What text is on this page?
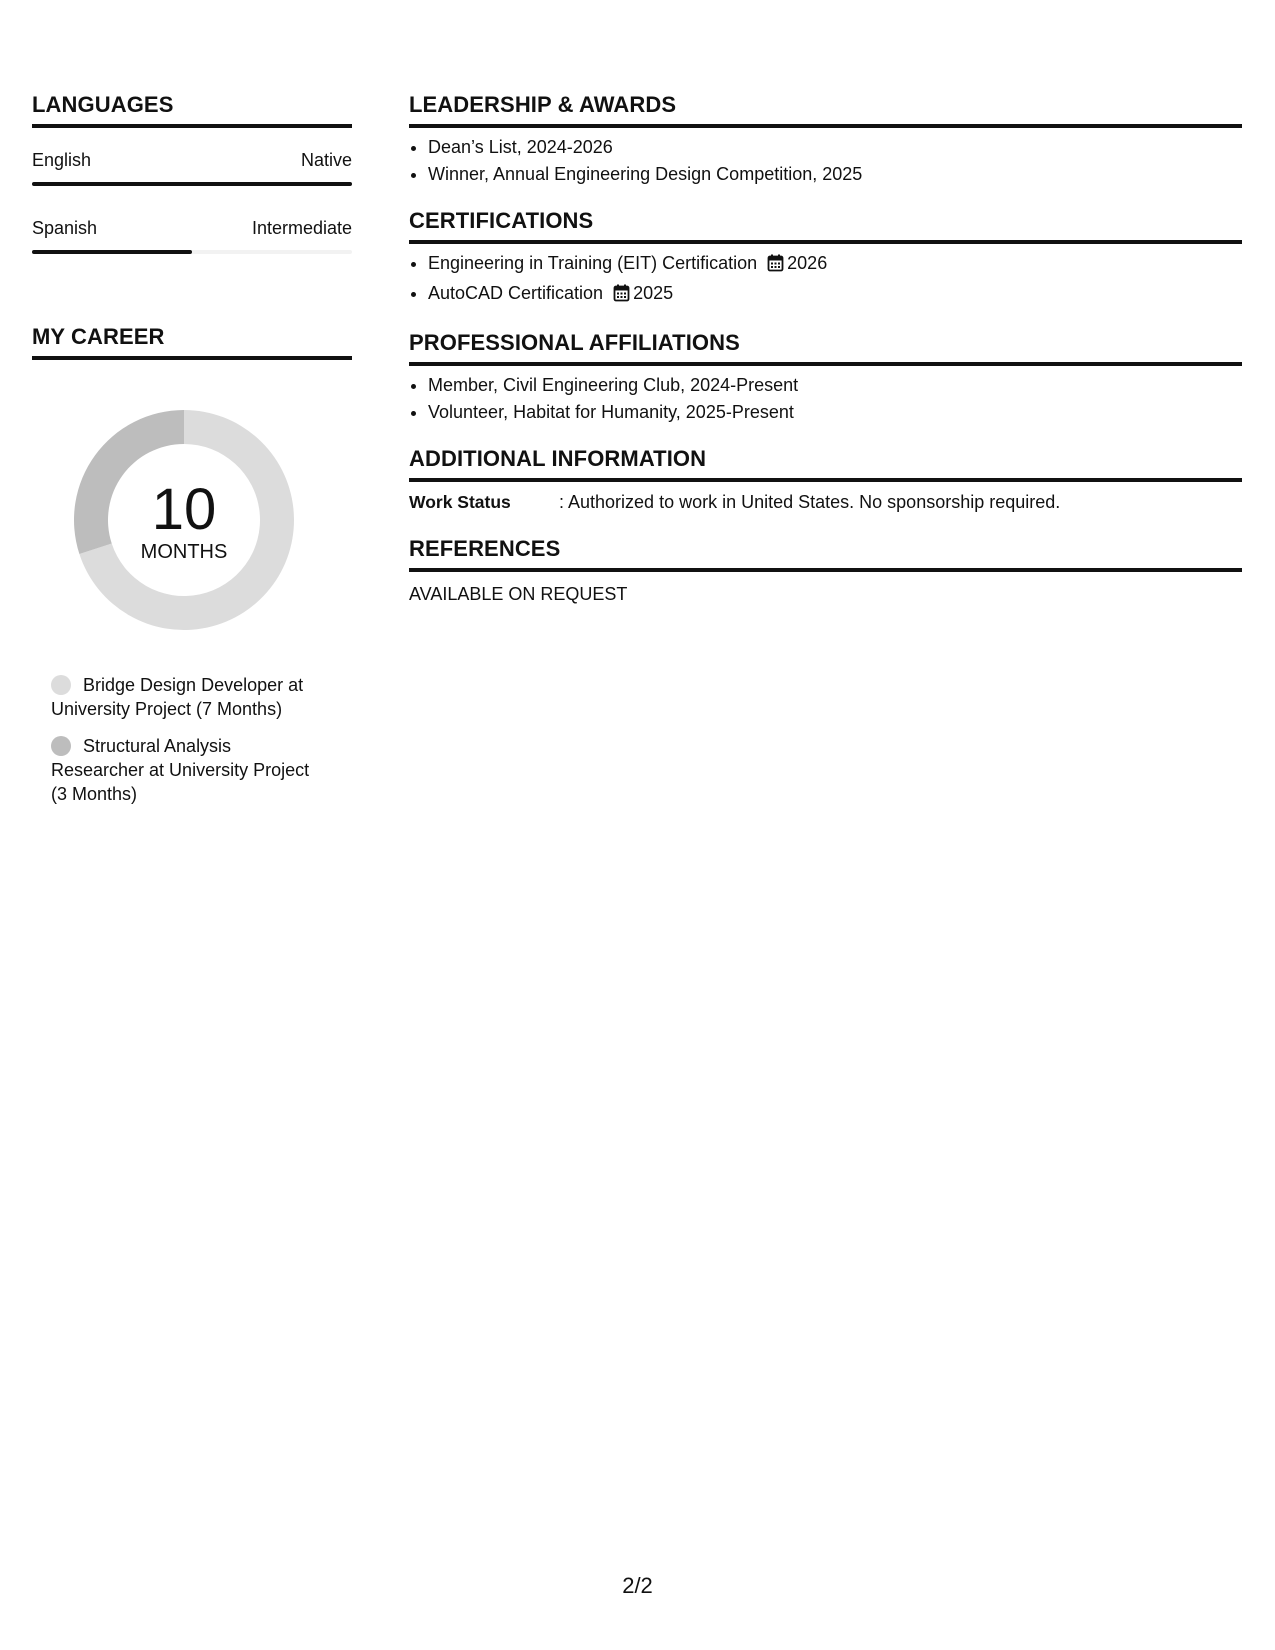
LANGUAGES
English	Native
Spanish	Intermediate
MY CAREER
10
MONTHS
Bridge Design Developer at University Project (7 Months)
Structural Analysis Researcher at University Project (3 Months)
LEADERSHIP & AWARDS
• Dean’s List, 2024-2026
• Winner, Annual Engineering Design Competition, 2025
CERTIFICATIONS
• Engineering in Training (EIT) Certification 2026
• AutoCAD Certification 2025
PROFESSIONAL AFFILIATIONS
• Member, Civil Engineering Club, 2024-Present
• Volunteer, Habitat for Humanity, 2025-Present
ADDITIONAL INFORMATION
Work Status	: Authorized to work in United States. No sponsorship required.
REFERENCES
AVAILABLE ON REQUEST
2/2
